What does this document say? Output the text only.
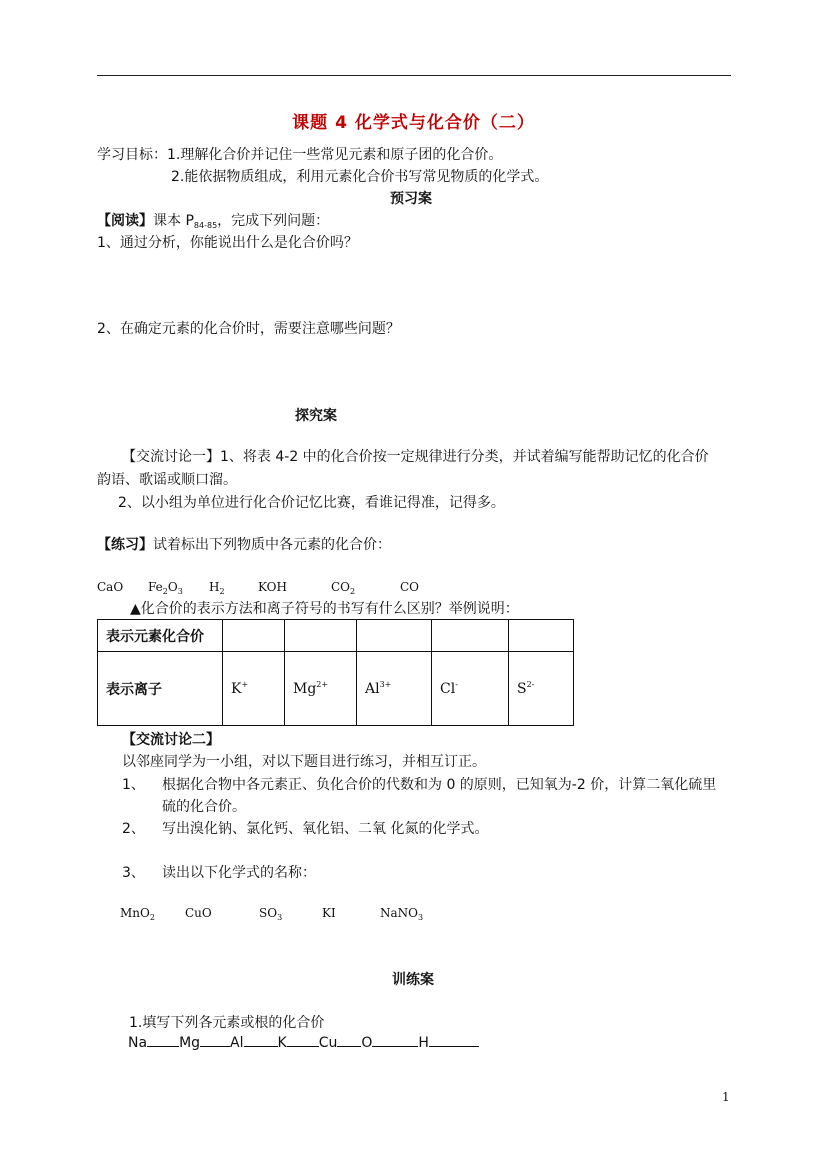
课题 4 化学式与化合价（二）
学习目标：1.理解化合价并记住一些常见元素和原子团的化合价。
2.能依据物质组成，利用元素化合价书写常见物质的化学式。
预习案
【阅读】课本 $P_{84-85}$，完成下列问题：
1、通过分析，你能说出什么是化合价吗？
2、在确定元素的化合价时，需要注意哪些问题？
探究案
【交流讨论一】1、将表 4-2 中的化合价按一定规律进行分类，并试着编写能帮助记忆的化合价
韵语、歌谣或顺口溜。
2、以小组为单位进行化合价记忆比赛，看谁记得准，记得多。
【练习】试着标出下列物质中各元素的化合价：
CaO $Fe_2O_3$ $H_2$	KOH	$CO_2$	CO
▲化合价的表示方法和离子符号的书写有什么区别？举例说明：
表示元素化合价					
表示离子	K+	$Mg^{2+}$	$Al^{3+}$	Cl-	$S^{2-}$
【交流讨论二】
以邻座同学为一小组，对以下题目进行练习，并相互订正。
1、 根据化合物中各元素正、负化合价的代数和为 0 的原则，已知氧为-2 价，计算二氧化硫里
硫的化合价。
2、 写出溴化钠、氯化钙、氧化铝、二氧 化氮的化学式。
3、 读出以下化学式的名称：
MnO$_2$	CuO	$SO_3$	KI	NaNO$_3$
训练案
1.填写下列各元素或根的化合价
Na Mg Al K Cu O	H
1
